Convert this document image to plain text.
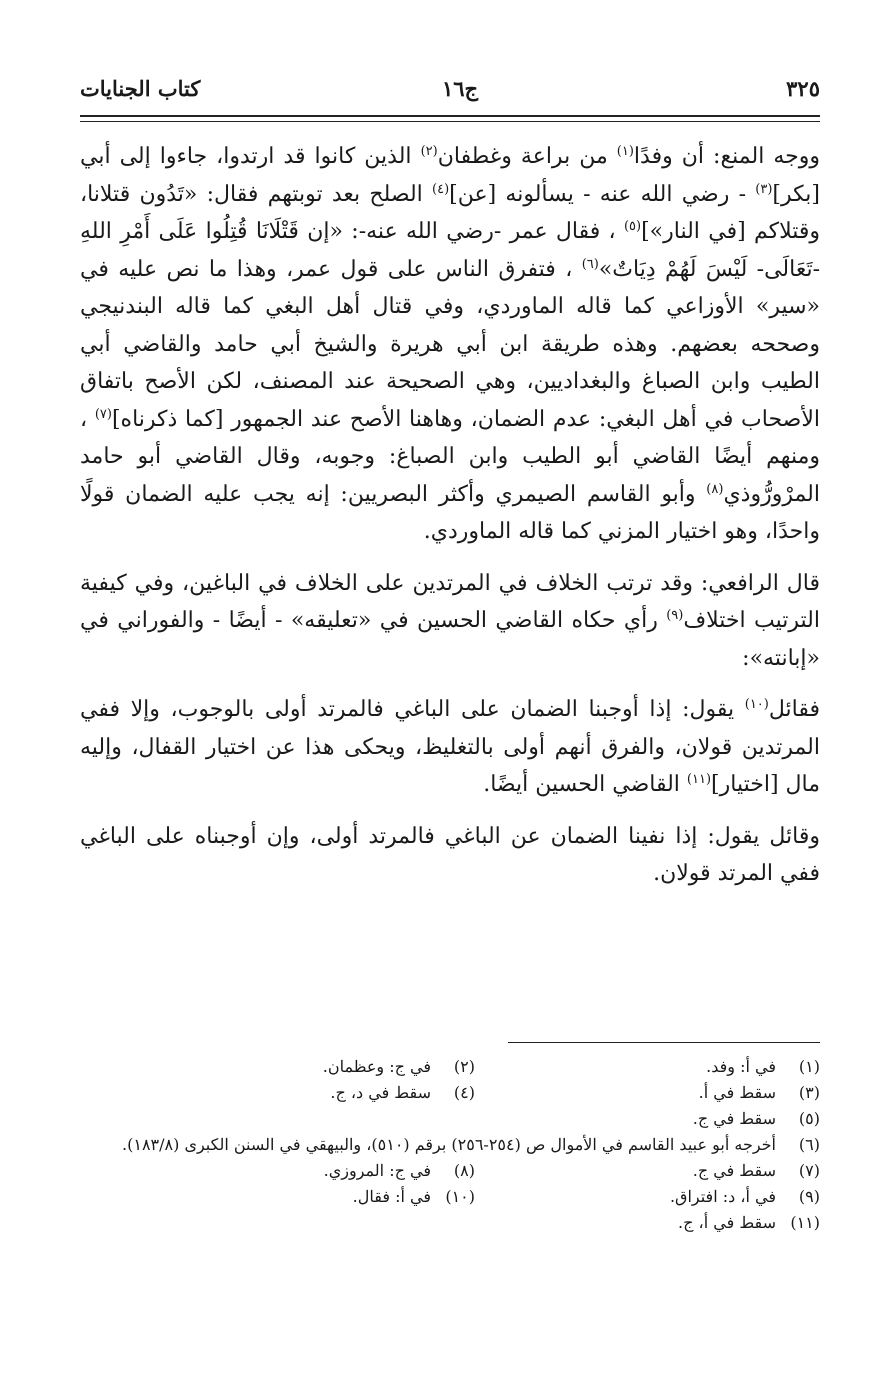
٣٢٥
ج١٦
كتاب الجنايات

ووجه المنع: أن وفدًا$^{(١)}$ من براعة وغطفان$^{(٢)}$ الذين كانوا قد ارتدوا، جاءوا إلى أبي [بكر]$^{(٣)}$ - رضي الله عنه - يسألونه [عن]$^{(٤)}$ الصلح بعد توبتهم فقال: «تَدُون قتلانا، وقتلاكم [في النار»]$^{(٥)}$ ، فقال عمر -رضي الله عنه-: «إن قَتْلَانَا قُتِلُوا عَلَى أَمْرِ اللهِ -تَعَالَى- لَيْسَ لَهُمْ دِيَاتٌ»$^{(٦)}$ ، فتفرق الناس على قول عمر، وهذا ما نص عليه في «سير» الأوزاعي كما قاله الماوردي، وفي قتال أهل البغي كما قاله البندنيجي وصححه بعضهم. وهذه طريقة ابن أبي هريرة والشيخ أبي حامد والقاضي أبي الطيب وابن الصباغ والبغداديين، وهي الصحيحة عند المصنف، لكن الأصح باتفاق الأصحاب في أهل البغي: عدم الضمان، وهاهنا الأصح عند الجمهور [كما ذكرناه]$^{(٧)}$ ، ومنهم أيضًا القاضي أبو الطيب وابن الصباغ: وجوبه، وقال القاضي أبو حامد المرْورُّوذي$^{(٨)}$ وأبو القاسم الصيمري وأكثر البصريين: إنه يجب عليه الضمان قولًا واحدًا، وهو اختيار المزني كما قاله الماوردي.

قال الرافعي: وقد ترتب الخلاف في المرتدين على الخلاف في الباغين، وفي كيفية الترتيب اختلاف$^{(٩)}$ رأي حكاه القاضي الحسين في «تعليقه» - أيضًا - والفوراني في «إبانته»:

فقائل$^{(١٠)}$ يقول: إذا أوجبنا الضمان على الباغي فالمرتد أولى بالوجوب، وإلا ففي المرتدين قولان، والفرق أنهم أولى بالتغليظ، ويحكى هذا عن اختيار القفال، وإليه مال [اختيار]$^{(١١)}$ القاضي الحسين أيضًا.

وقائل يقول: إذا نفينا الضمان عن الباغي فالمرتد أولى، وإن أوجبناه على الباغي ففي المرتد قولان.

(١)
في أ: وفد.
(٢)
في ج: وعظمان.
(٣)
سقط في أ.
(٤)
سقط في د، ج.
(٥)
سقط في ج.
(٦)
أخرجه أبو عبيد القاسم في الأموال ص (٢٥٤-٢٥٦) برقم (٥١٠)، والبيهقي في السنن الكبرى (١٨٣/٨).
(٧)
سقط في ج.
(٨)
في ج: المروزي.
(٩)
في أ، د: افتراق.
(١٠)
في أ: فقال.
(١١)
سقط في أ، ج.
